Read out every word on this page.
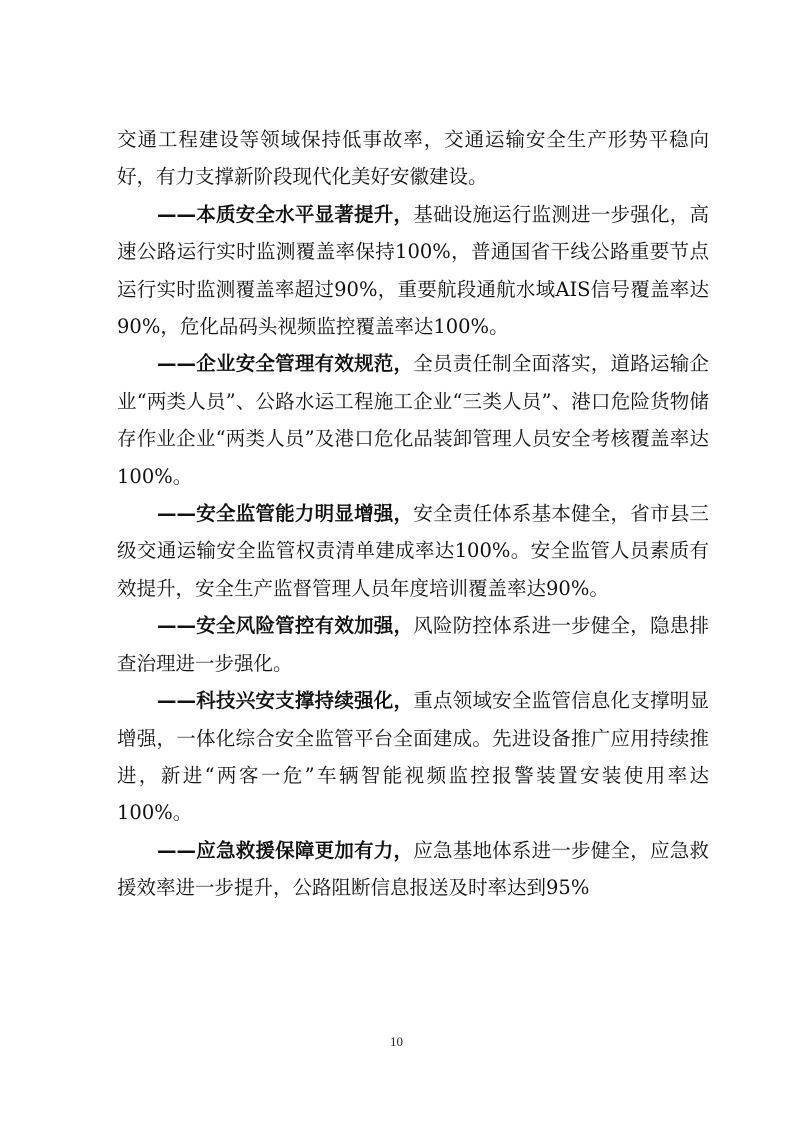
交通工程建设等领域保持低事故率，交通运输安全生产形势平稳向好，有力支撑新阶段现代化美好安徽建设。

——本质安全水平显著提升，基础设施运行监测进一步强化，高速公路运行实时监测覆盖率保持100%，普通国省干线公路重要节点运行实时监测覆盖率超过90%，重要航段通航水域AIS信号覆盖率达90%，危化品码头视频监控覆盖率达100%。

——企业安全管理有效规范，全员责任制全面落实，道路运输企业“两类人员”、公路水运工程施工企业“三类人员”、港口危险货物储存作业企业“两类人员”及港口危化品装卸管理人员安全考核覆盖率达100%。

——安全监管能力明显增强，安全责任体系基本健全，省市县三级交通运输安全监管权责清单建成率达100%。安全监管人员素质有效提升，安全生产监督管理人员年度培训覆盖率达90%。

——安全风险管控有效加强，风险防控体系进一步健全，隐患排查治理进一步强化。

——科技兴安支撑持续强化，重点领域安全监管信息化支撑明显增强，一体化综合安全监管平台全面建成。先进设备推广应用持续推进，新进“两客一危”车辆智能视频监控报警装置安装使用率达100%。

——应急救援保障更加有力，应急基地体系进一步健全，应急救援效率进一步提升，公路阻断信息报送及时率达到95%

10
